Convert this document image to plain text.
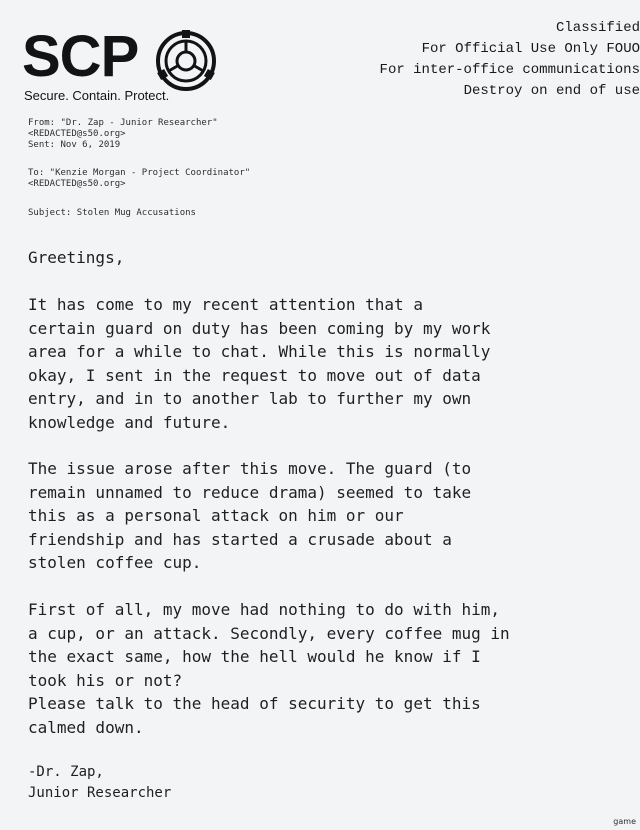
SCP
Secure. Contain. Protect.
Classified
For Official Use Only FOUO
For inter-office communications
Destroy on end of use
From: "Dr. Zap - Junior Researcher"
<REDACTED@s50.org>
Sent: Nov 6, 2019
To: "Kenzie Morgan - Project Coordinator"
<REDACTED@s50.org>
Subject: Stolen Mug Accusations
Greetings,
It has come to my recent attention that a
certain guard on duty has been coming by my work
area for a while to chat. While this is normally
okay, I sent in the request to move out of data
entry, and in to another lab to further my own
knowledge and future.
The issue arose after this move. The guard (to
remain unnamed to reduce drama) seemed to take
this as a personal attack on him or our
friendship and has started a crusade about a
stolen coffee cup.
First of all, my move had nothing to do with him,
a cup, or an attack. Secondly, every coffee mug in
the exact same, how the hell would he know if I
took his or not?
Please talk to the head of security to get this
calmed down.
-Dr. Zap,
Junior Researcher
game
